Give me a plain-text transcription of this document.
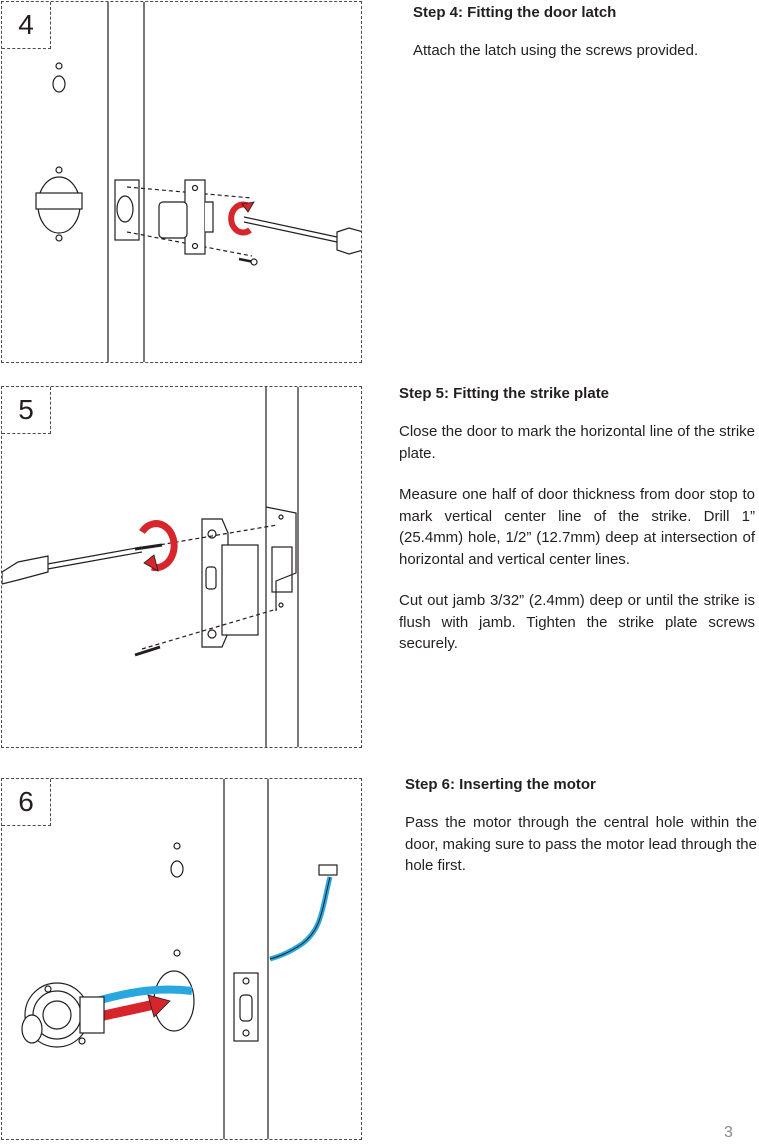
4	Step 4: Fitting the door latch

Attach the latch using the screws provided.

5

Step 5: Fitting the strike plate

Close the door to mark the horizontal line of the strike plate.

Measure one half of door thickness from door stop to mark vertical center line of the strike. Drill 1” (25.4mm) hole, 1/2” (12.7mm) deep at intersection of horizontal and vertical center lines.

Cut out jamb 3/32” (2.4mm) deep or until the strike is flush with jamb. Tighten the strike plate screws securely.

6

Step 6: Inserting the motor

Pass the motor through the central hole within the door, making sure to pass the motor lead through the hole first.

3
